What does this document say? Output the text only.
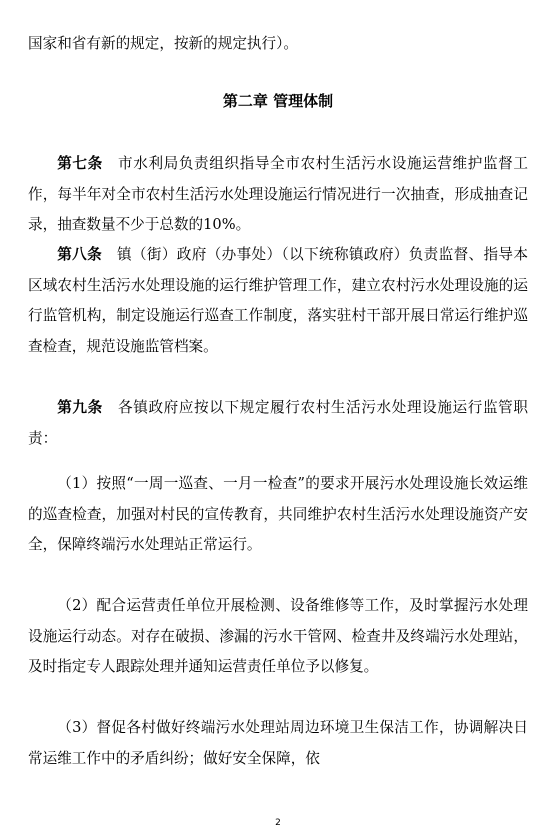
国家和省有新的规定，按新的规定执行）。
第二章 管理体制
第七条　 市水利局负责组织指导全市农村生活污水设施运营维护监督工作，每半年对全市农村生活污水处理设施运行情况进行一次抽查，形成抽查记录，抽查数量不少于总数的10%。
第八条　 镇（街）政府（办事处）（以下统称镇政府）负责监督、指导本区域农村生活污水处理设施的运行维护管理工作，建立农村污水处理设施的运行监管机构，制定设施运行巡查工作制度，落实驻村干部开展日常运行维护巡查检查，规范设施监管档案。
第九条　 各镇政府应按以下规定履行农村生活污水处理设施运行监管职责：
（1）按照“一周一巡查、一月一检查”的要求开展污水处理设施长效运维的巡查检查，加强对村民的宣传教育，共同维护农村生活污水处理设施资产安全，保障终端污水处理站正常运行。
（2）配合运营责任单位开展检测、设备维修等工作，及时掌握污水处理设施运行动态。对存在破损、渗漏的污水干管网、检查井及终端污水处理站，及时指定专人跟踪处理并通知运营责任单位予以修复。
（3）督促各村做好终端污水处理站周边环境卫生保洁工作，协调解决日常运维工作中的矛盾纠纷；做好安全保障，依
2
